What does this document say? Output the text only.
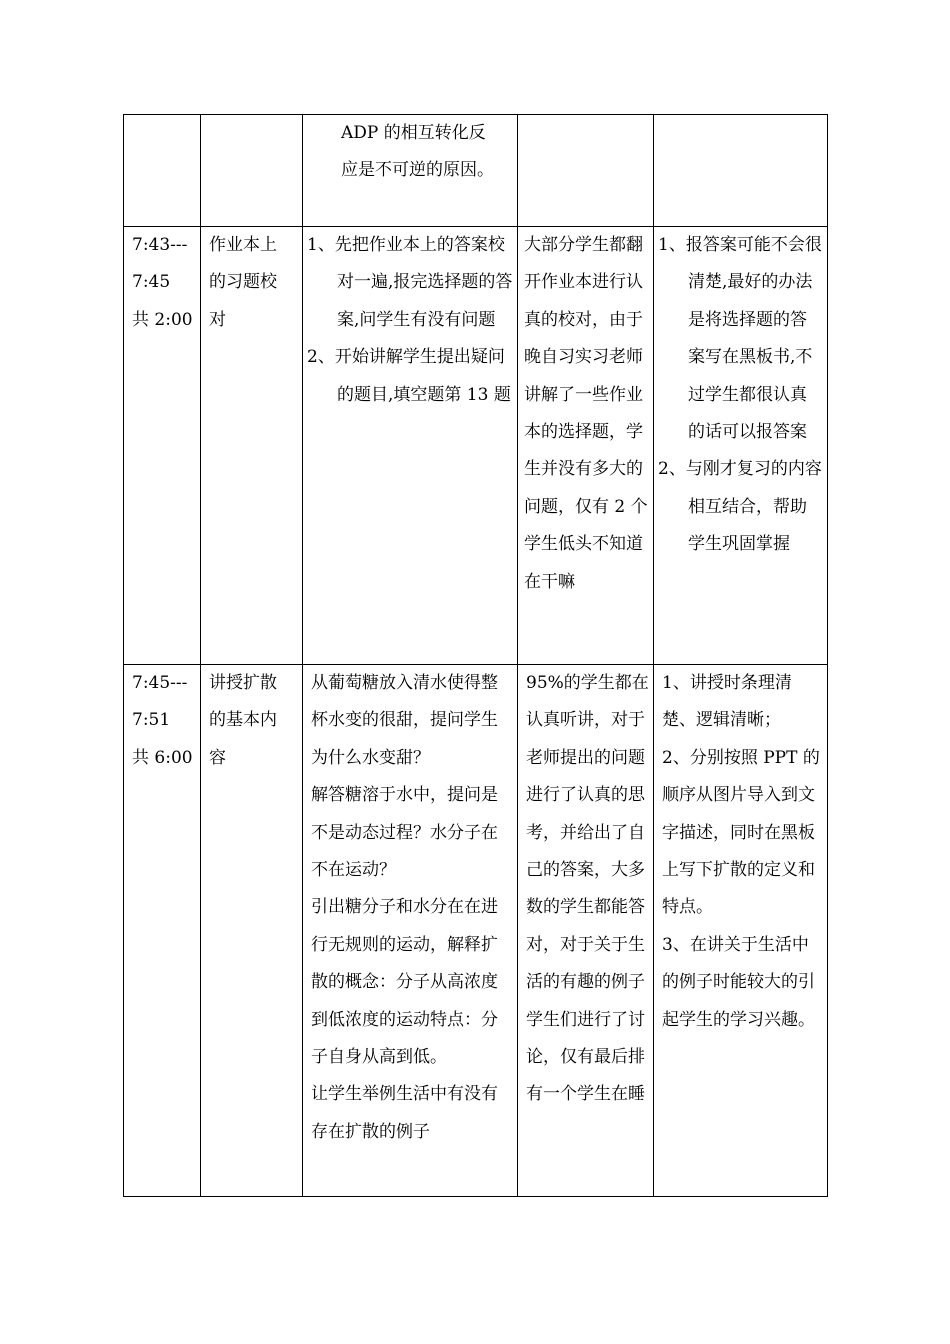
		ADP 的相互转化反
应是不可逆的原因。		

7:43---
7:45
共 2:00	作业本上
的习题校
对	1、先把作业本上的答案校对一遍,报完选择题的答案,问学生有没有问题
2、开始讲解学生提出疑问的题目,填空题第 13 题	大部分学生都翻开作业本进行认真的校对，由于晚自习实习老师讲解了一些作业本的选择题，学生并没有多大的问题，仅有 2 个学生低头不知道在干嘛	1、报答案可能不会很清楚,最好的办法是将选择题的答案写在黑板书,不过学生都很认真的话可以报答案
2、与刚才复习的内容相互结合，帮助学生巩固掌握

7:45---
7:51
共 6:00	讲授扩散
的基本内
容	从葡萄糖放入清水使得整杯水变的很甜，提问学生为什么水变甜？
解答糖溶于水中，提问是不是动态过程？水分子在不在运动？
引出糖分子和水分在在进行无规则的运动，解释扩散的概念：分子从高浓度到低浓度的运动特点：分子自身从高到低。
让学生举例生活中有没有存在扩散的例子	95%的学生都在认真听讲，对于老师提出的问题进行了认真的思考，并给出了自己的答案，大多数的学生都能答对，对于关于生活的有趣的例子学生们进行了讨论，仅有最后排有一个学生在睡	1、讲授时条理清楚、逻辑清晰；
2、分别按照 PPT 的顺序从图片导入到文字描述，同时在黑板上写下扩散的定义和特点。
3、在讲关于生活中的例子时能较大的引起学生的学习兴趣。
